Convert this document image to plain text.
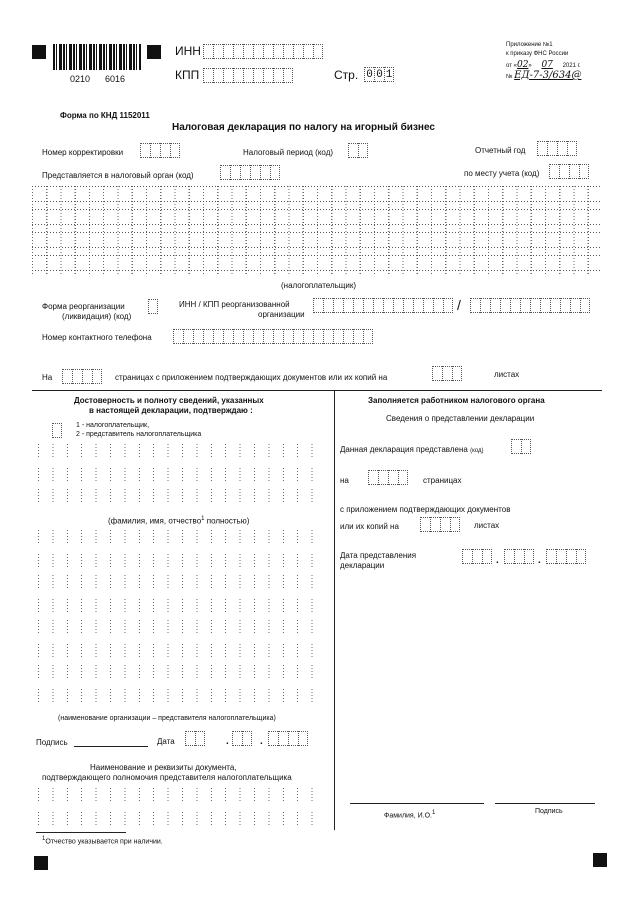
0210 6016
ИНН
КПП	Стр. 0 0 1
Приложение №1
к приказу ФНС России
от «02» 07 2021 г.
№ ЕД-7-3/634@
Форма по КНД 1152011
Налоговая декларация по налогу на игорный бизнес
Номер корректировки	Налоговый период (код)	Отчетный год
Представляется в налоговый орган (код)	по месту учета (код)
(налогоплательщик)
Форма реорганизации
(ликвидация) (код)
ИНН / КПП реорганизованной
организации
/
Номер контактного телефона
На	страницах с приложением подтверждающих документов или их копий на	листах
Достоверность и полноту сведений, указанных
в настоящей декларации, подтверждаю :
1 - налогоплательщик,
2 - представитель налогоплательщика
(фамилия, имя, отчество$^1$ полностью)
(наименование организации – представителя налогоплательщика)
Подпись	Дата	.	.
Наименование и реквизиты документа,
подтверждающего полномочия представителя налогоплательщика
Заполняется работником налогового органа
Сведения о представлении декларации
Данная декларация представлена (код)
на	страницах
с приложением подтверждающих документов
или их копий на	листах
Дата представления
декларации	.	.
Фамилия, И.О.$^1$	Подпись
$^1$Отчество указывается при наличии.
